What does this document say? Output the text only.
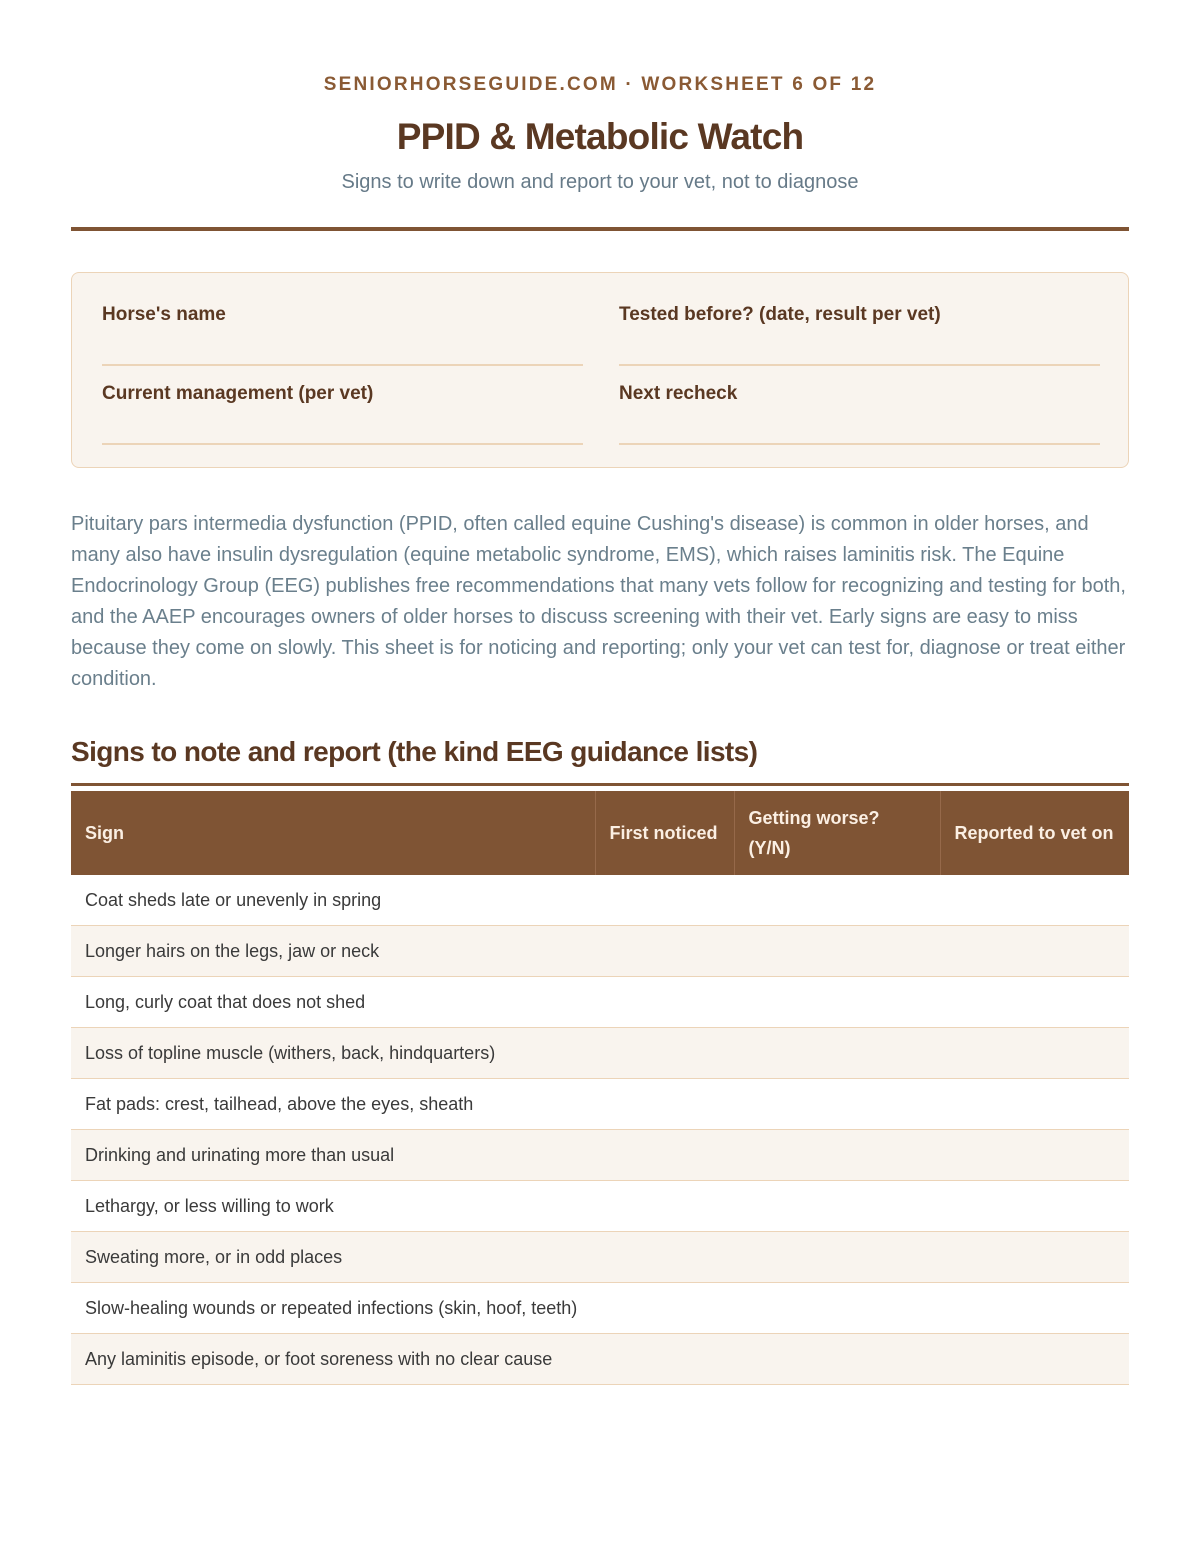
SENIORHORSEGUIDE.COM · WORKSHEET 6 OF 12
PPID & Metabolic Watch
Signs to write down and report to your vet, not to diagnose
Horse's name	Tested before? (date, result per vet)
Current management (per vet)	Next recheck

Pituitary pars intermedia dysfunction (PPID, often called equine Cushing's disease) is common in older horses, and many also have insulin dysregulation (equine metabolic syndrome, EMS), which raises laminitis risk. The Equine Endocrinology Group (EEG) publishes free recommendations that many vets follow for recognizing and testing for both, and the AAEP encourages owners of older horses to discuss screening with their vet. Early signs are easy to miss because they come on slowly. This sheet is for noticing and reporting; only your vet can test for, diagnose or treat either condition.

Signs to note and report (the kind EEG guidance lists)
Sign	First noticed	Getting worse? (Y/N)	Reported to vet on
Coat sheds late or unevenly in spring			
Longer hairs on the legs, jaw or neck			
Long, curly coat that does not shed			
Loss of topline muscle (withers, back, hindquarters)			
Fat pads: crest, tailhead, above the eyes, sheath			
Drinking and urinating more than usual			
Lethargy, or less willing to work			
Sweating more, or in odd places			
Slow-healing wounds or repeated infections (skin, hoof, teeth)			
Any laminitis episode, or foot soreness with no clear cause			
